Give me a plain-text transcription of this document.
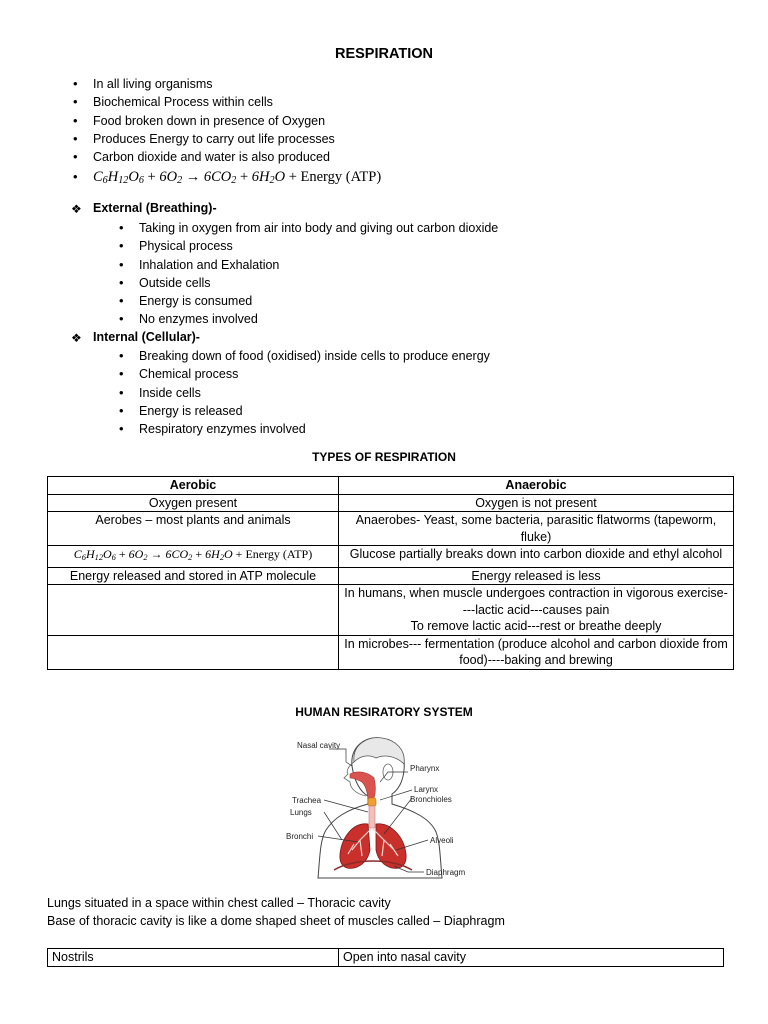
RESPIRATION
• In all living organisms
• Biochemical Process within cells
• Food broken down in presence of Oxygen
• Produces Energy to carry out life processes
• Carbon dioxide and water is also produced
• $C_6H_{12}O_6 + 6O_2 \to 6CO_2 + 6H_2O$ + Energy (ATP)
❖ External (Breathing)-
• Taking in oxygen from air into body and giving out carbon dioxide
• Physical process
• Inhalation and Exhalation
• Outside cells
• Energy is consumed
• No enzymes involved
❖ Internal (Cellular)-
• Breaking down of food (oxidised) inside cells to produce energy
• Chemical process
• Inside cells
• Energy is released
• Respiratory enzymes involved
TYPES OF RESPIRATION
Aerobic	Anaerobic
Oxygen present	Oxygen is not present
Aerobes – most plants and animals	Anaerobes- Yeast, some bacteria, parasitic flatworms (tapeworm, fluke)
$C_6H_{12}O_6 + 6O_2 \to 6CO_2 + 6H_2O$ + Energy (ATP)	Glucose partially breaks down into carbon dioxide and ethyl alcohol
Energy released and stored in ATP molecule	Energy released is less

	In humans, when muscle undergoes contraction in vigorous exercise----lactic acid---causes pain
To remove lactic acid---rest or breathe deeply

	In microbes--- fermentation (produce alcohol and carbon dioxide from food)----baking and brewing
HUMAN RESIRATORY SYSTEM
Nasal cavity
Pharynx
Larynx
Bronchioles
Trachea
Lungs
Bronchi	Alveoli
Diaphragm
Lungs situated in a space within chest called – Thoracic cavity
Base of thoracic cavity is like a dome shaped sheet of muscles called – Diaphragm
Nostrils	Open into nasal cavity
